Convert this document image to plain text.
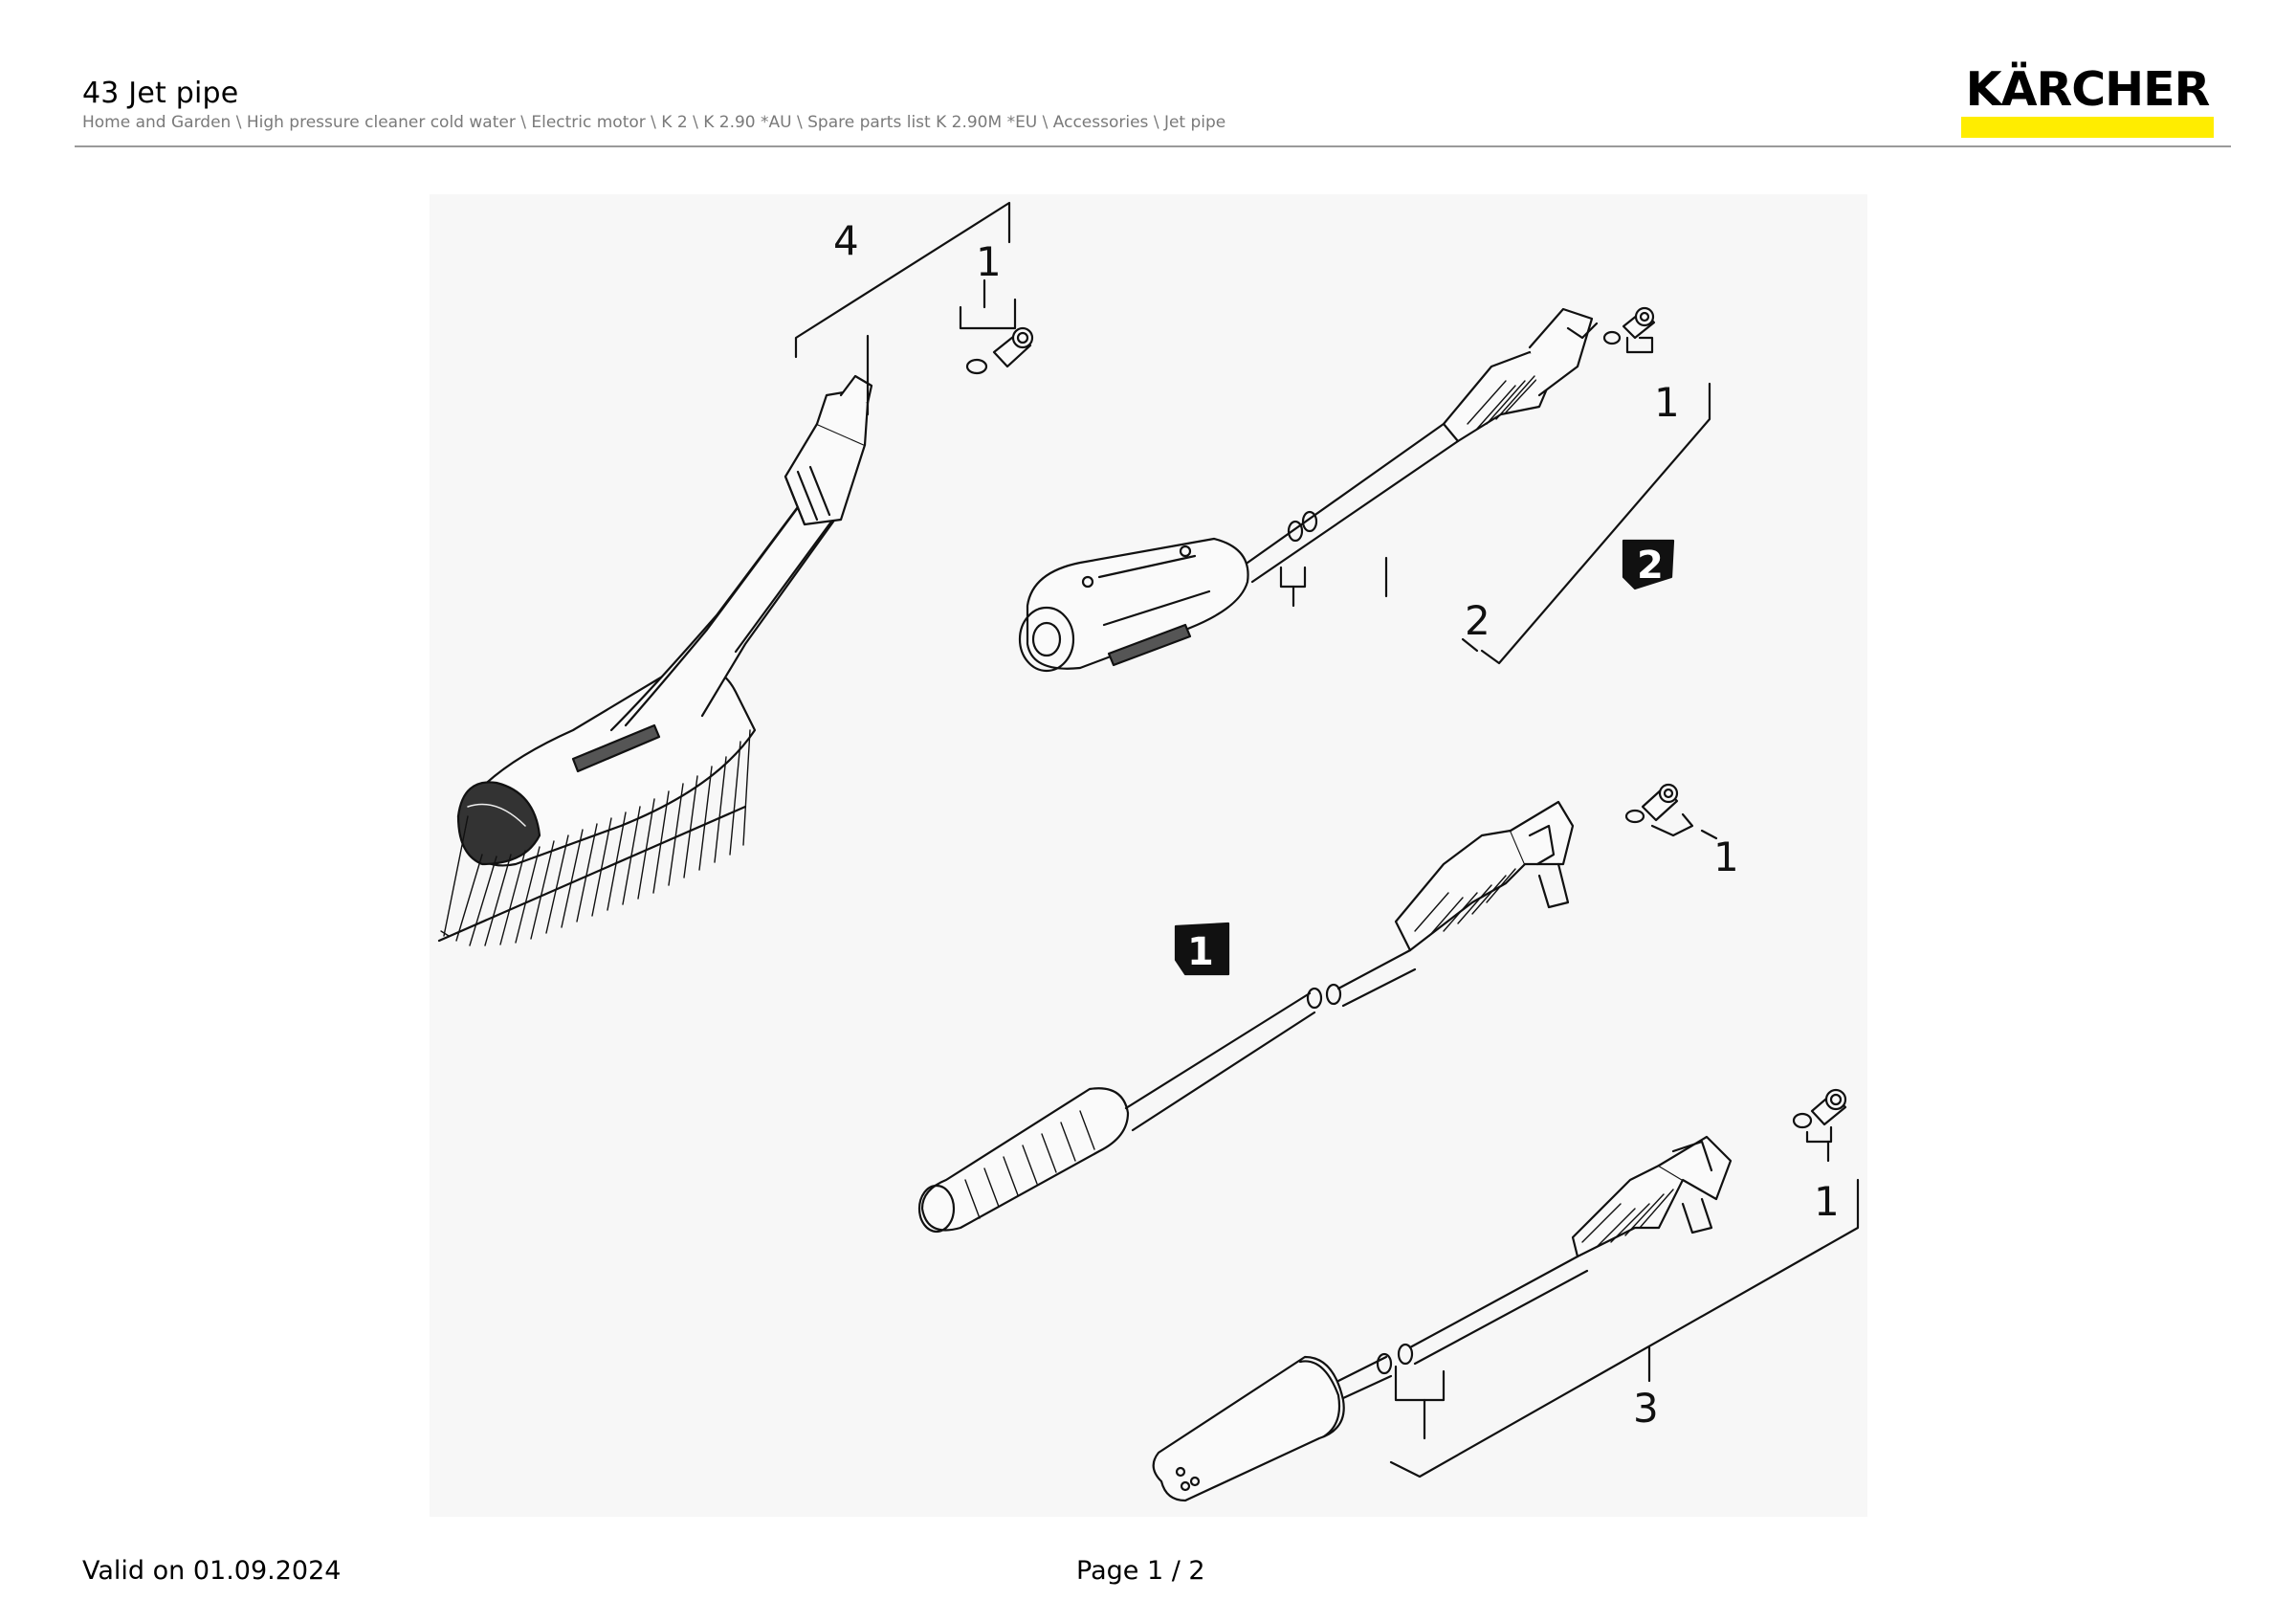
43 Jet pipe
Home and Garden \ High pressure cleaner cold water \ Electric motor \ K 2 \ K 2.90 *AU \ Spare parts list K 2.90M *EU \ Accessories \ Jet pipe
KÄRCHER
4	1
1
2
1
1
3
2
1
Valid on 01.09.2024	Page 1 / 2
